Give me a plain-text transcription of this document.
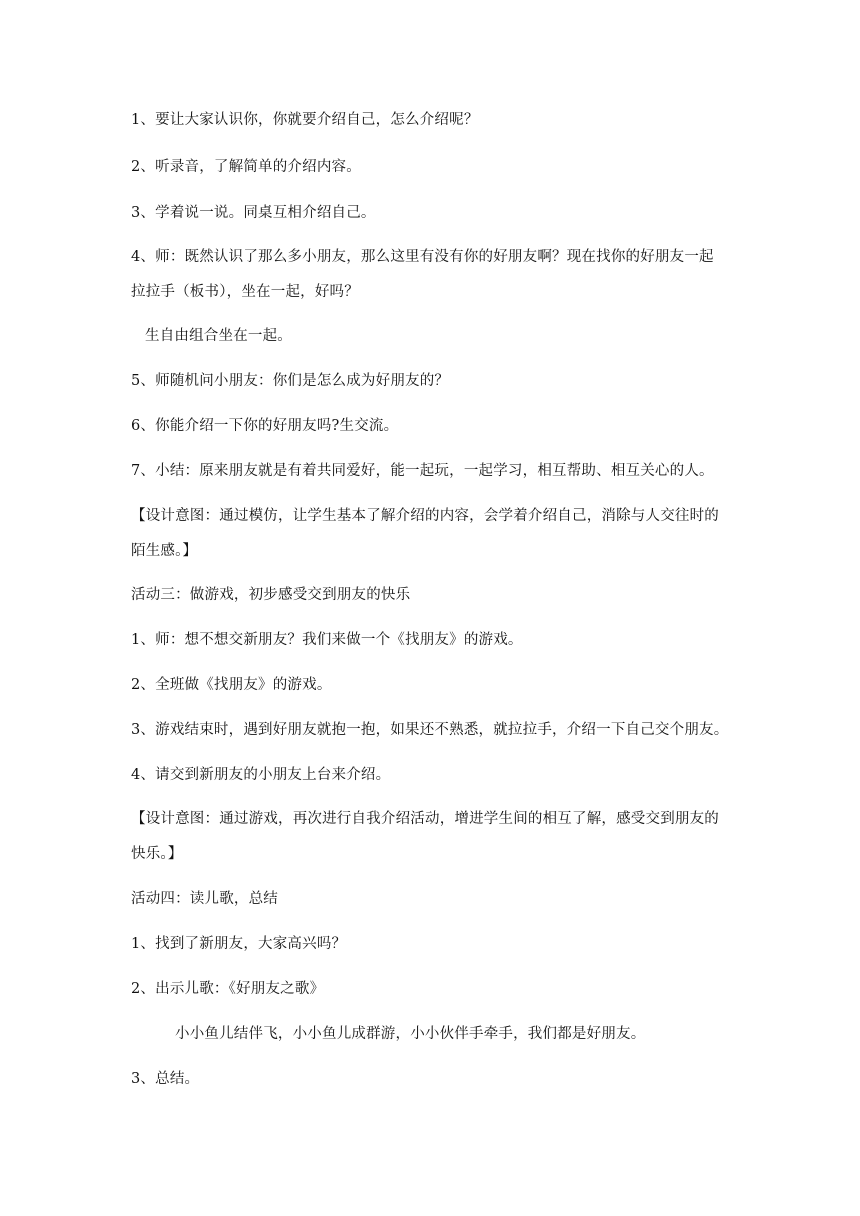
1、要让大家认识你，你就要介绍自己，怎么介绍呢？
2、听录音，了解简单的介绍内容。
3、学着说一说。同桌互相介绍自己。
4、师：既然认识了那么多小朋友，那么这里有没有你的好朋友啊？现在找你的好朋友一起
拉拉手（板书），坐在一起，好吗？
生自由组合坐在一起。
5、师随机问小朋友：你们是怎么成为好朋友的？
6、你能介绍一下你的好朋友吗?生交流。
7、小结：原来朋友就是有着共同爱好，能一起玩，一起学习，相互帮助、相互关心的人。
【设计意图：通过模仿，让学生基本了解介绍的内容，会学着介绍自己，消除与人交往时的
陌生感。】
活动三：做游戏，初步感受交到朋友的快乐
1、师：想不想交新朋友？我们来做一个《找朋友》的游戏。
2、全班做《找朋友》的游戏。
3、游戏结束时，遇到好朋友就抱一抱，如果还不熟悉，就拉拉手，介绍一下自己交个朋友。
4、请交到新朋友的小朋友上台来介绍。
【设计意图：通过游戏，再次进行自我介绍活动，增进学生间的相互了解，感受交到朋友的
快乐。】
活动四：读儿歌，总结
1、找到了新朋友，大家高兴吗？
2、出示儿歌：《好朋友之歌》
小小鱼儿结伴飞，小小鱼儿成群游，小小伙伴手牵手，我们都是好朋友。
3、总结。
